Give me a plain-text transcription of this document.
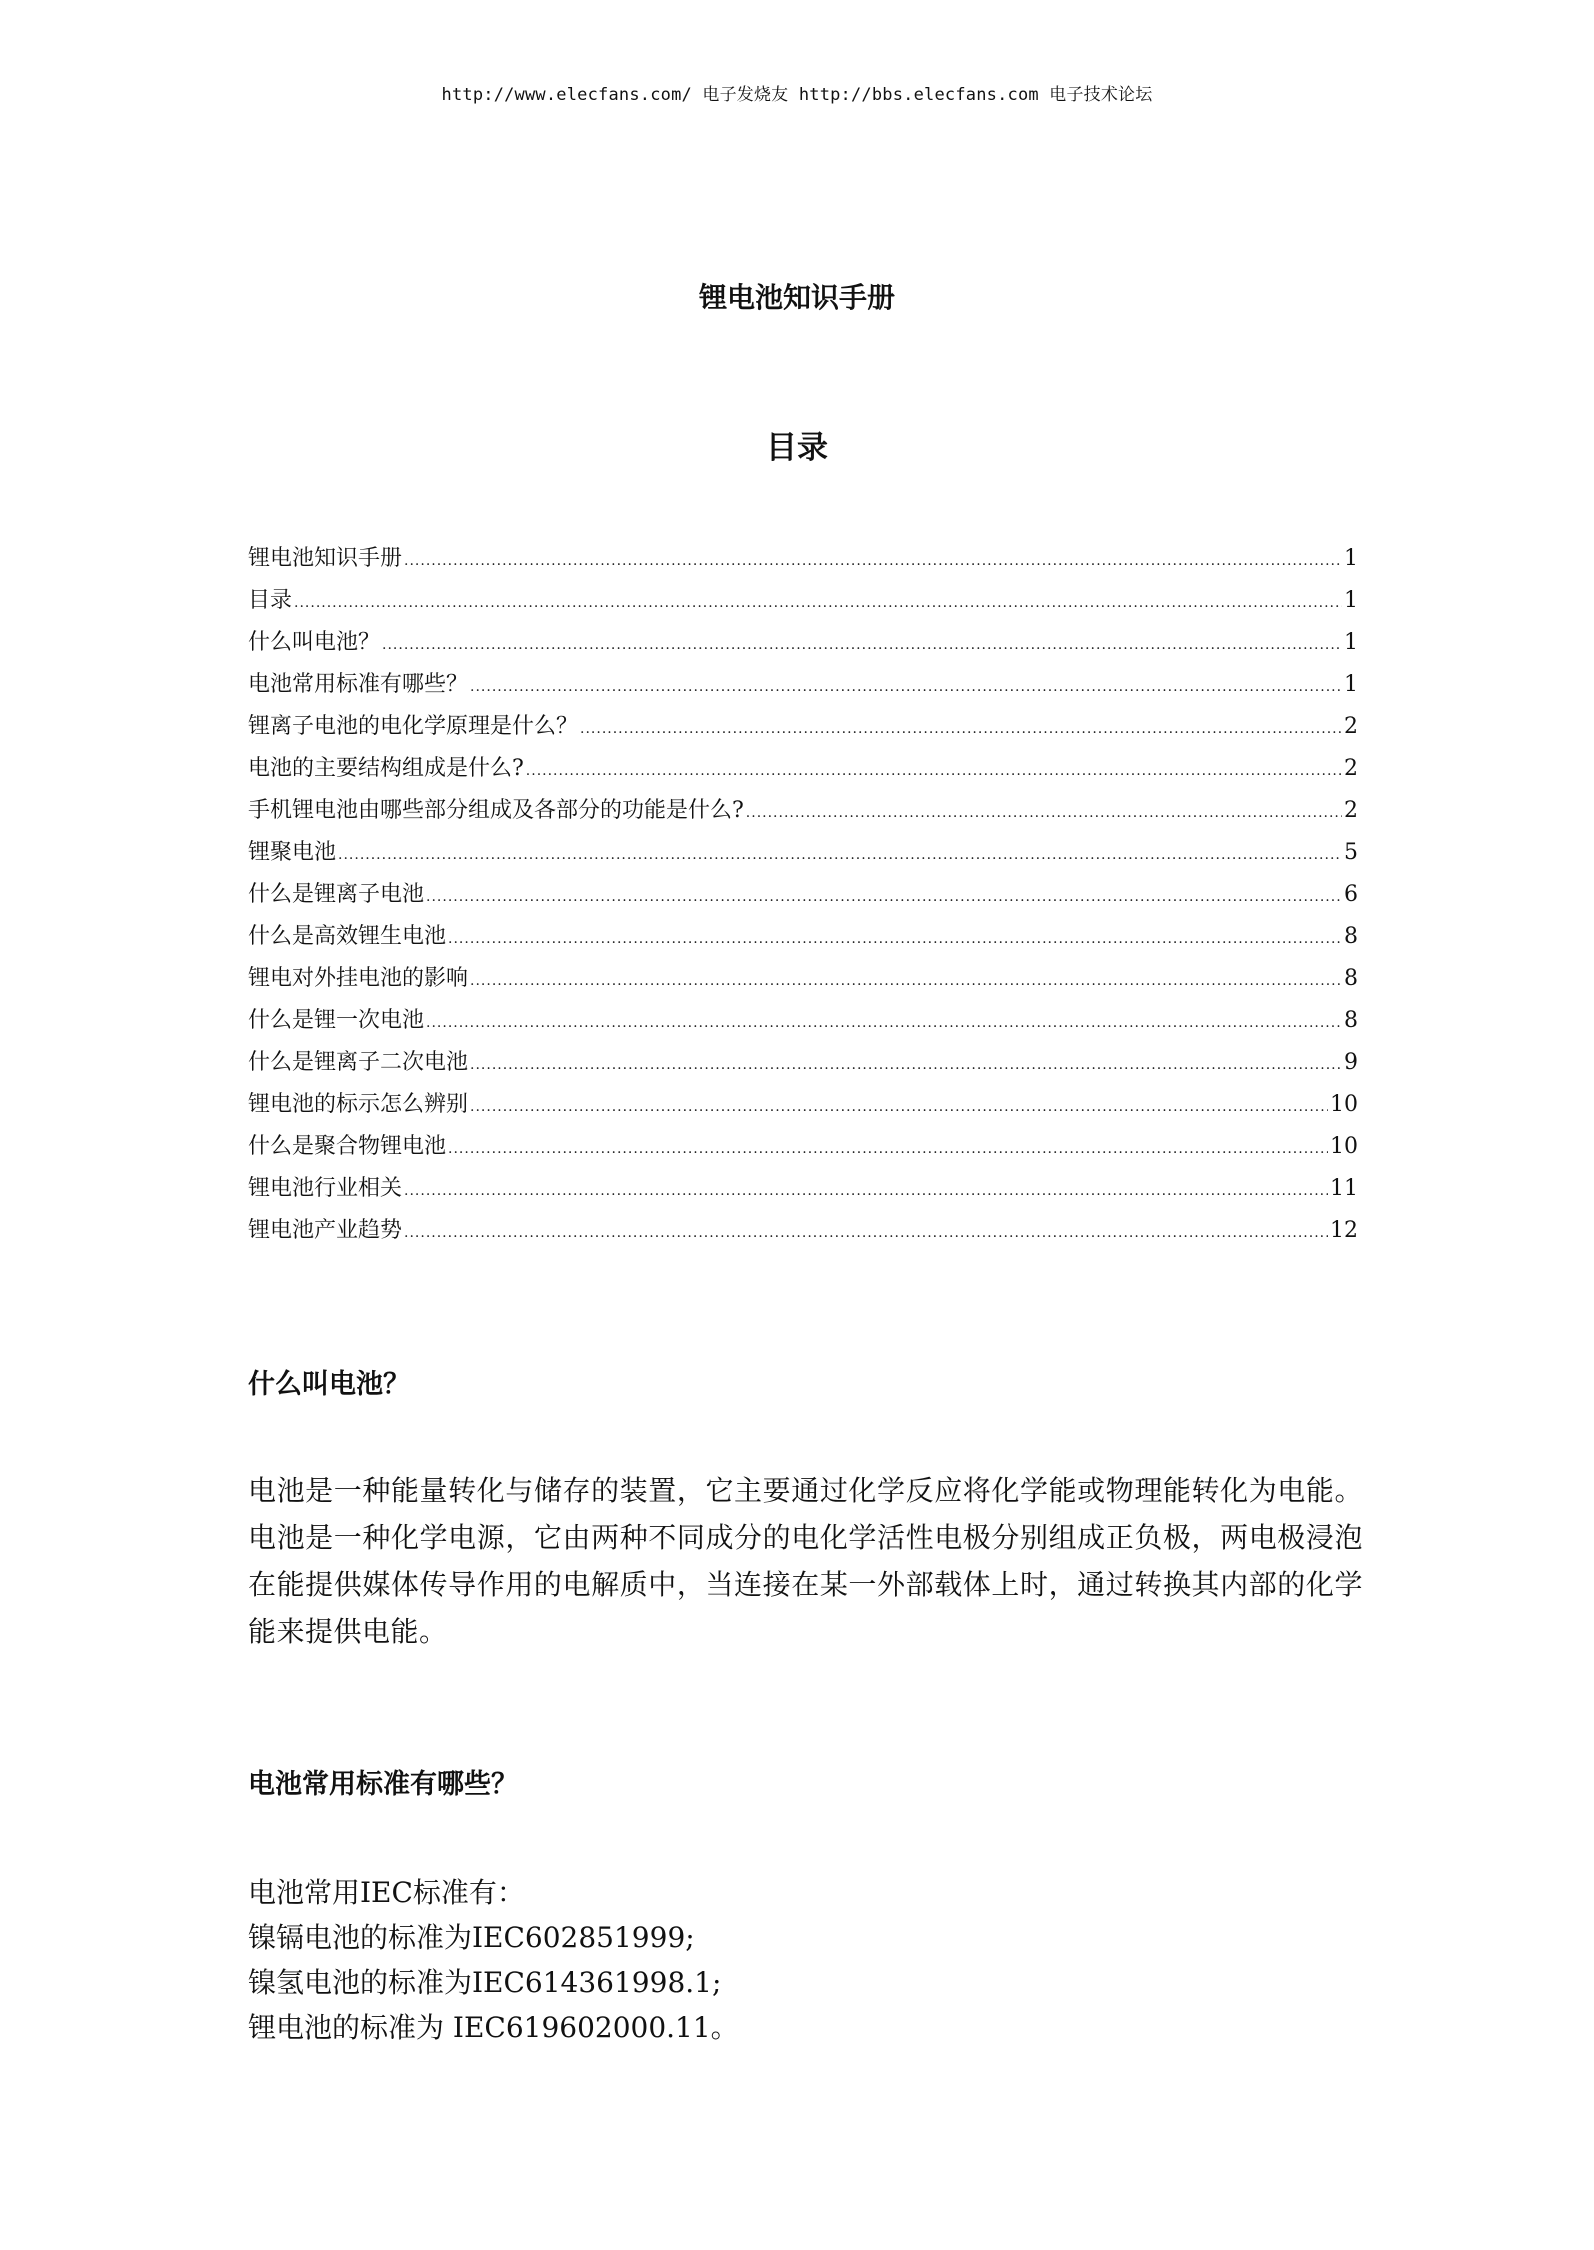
http://www.elecfans.com/ 电子发烧友 http://bbs.elecfans.com 电子技术论坛
锂电池知识手册
目录
锂电池知识手册 .....	1
目录 .....	1
什么叫电池？ .....	1
电池常用标准有哪些？ .....	1
锂离子电池的电化学原理是什么？ .....	2
电池的主要结构组成是什么? .....	2
手机锂电池由哪些部分组成及各部分的功能是什么? .....	2
锂聚电池 .....	5
什么是锂离子电池 .....	6
什么是高效锂生电池 .....	8
锂电对外挂电池的影响 .....	8
什么是锂一次电池 .....	8
什么是锂离子二次电池 .....	9
锂电池的标示怎么辨别 .....	10
什么是聚合物锂电池 .....	10
锂电池行业相关 .....	11
锂电池产业趋势 .....	12
什么叫电池？
电池是一种能量转化与储存的装置，它主要通过化学反应将化学能或物理能转化为电能。电池是一种化学电源，它由两种不同成分的电化学活性电极分别组成正负极，两电极浸泡在能提供媒体传导作用的电解质中，当连接在某一外部载体上时，通过转换其内部的化学能来提供电能。
电池常用标准有哪些？
电池常用IEC标准有：
镍镉电池的标准为IEC602851999;
镍氢电池的标准为IEC614361998.1;
锂电池的标准为 IEC619602000.11。
